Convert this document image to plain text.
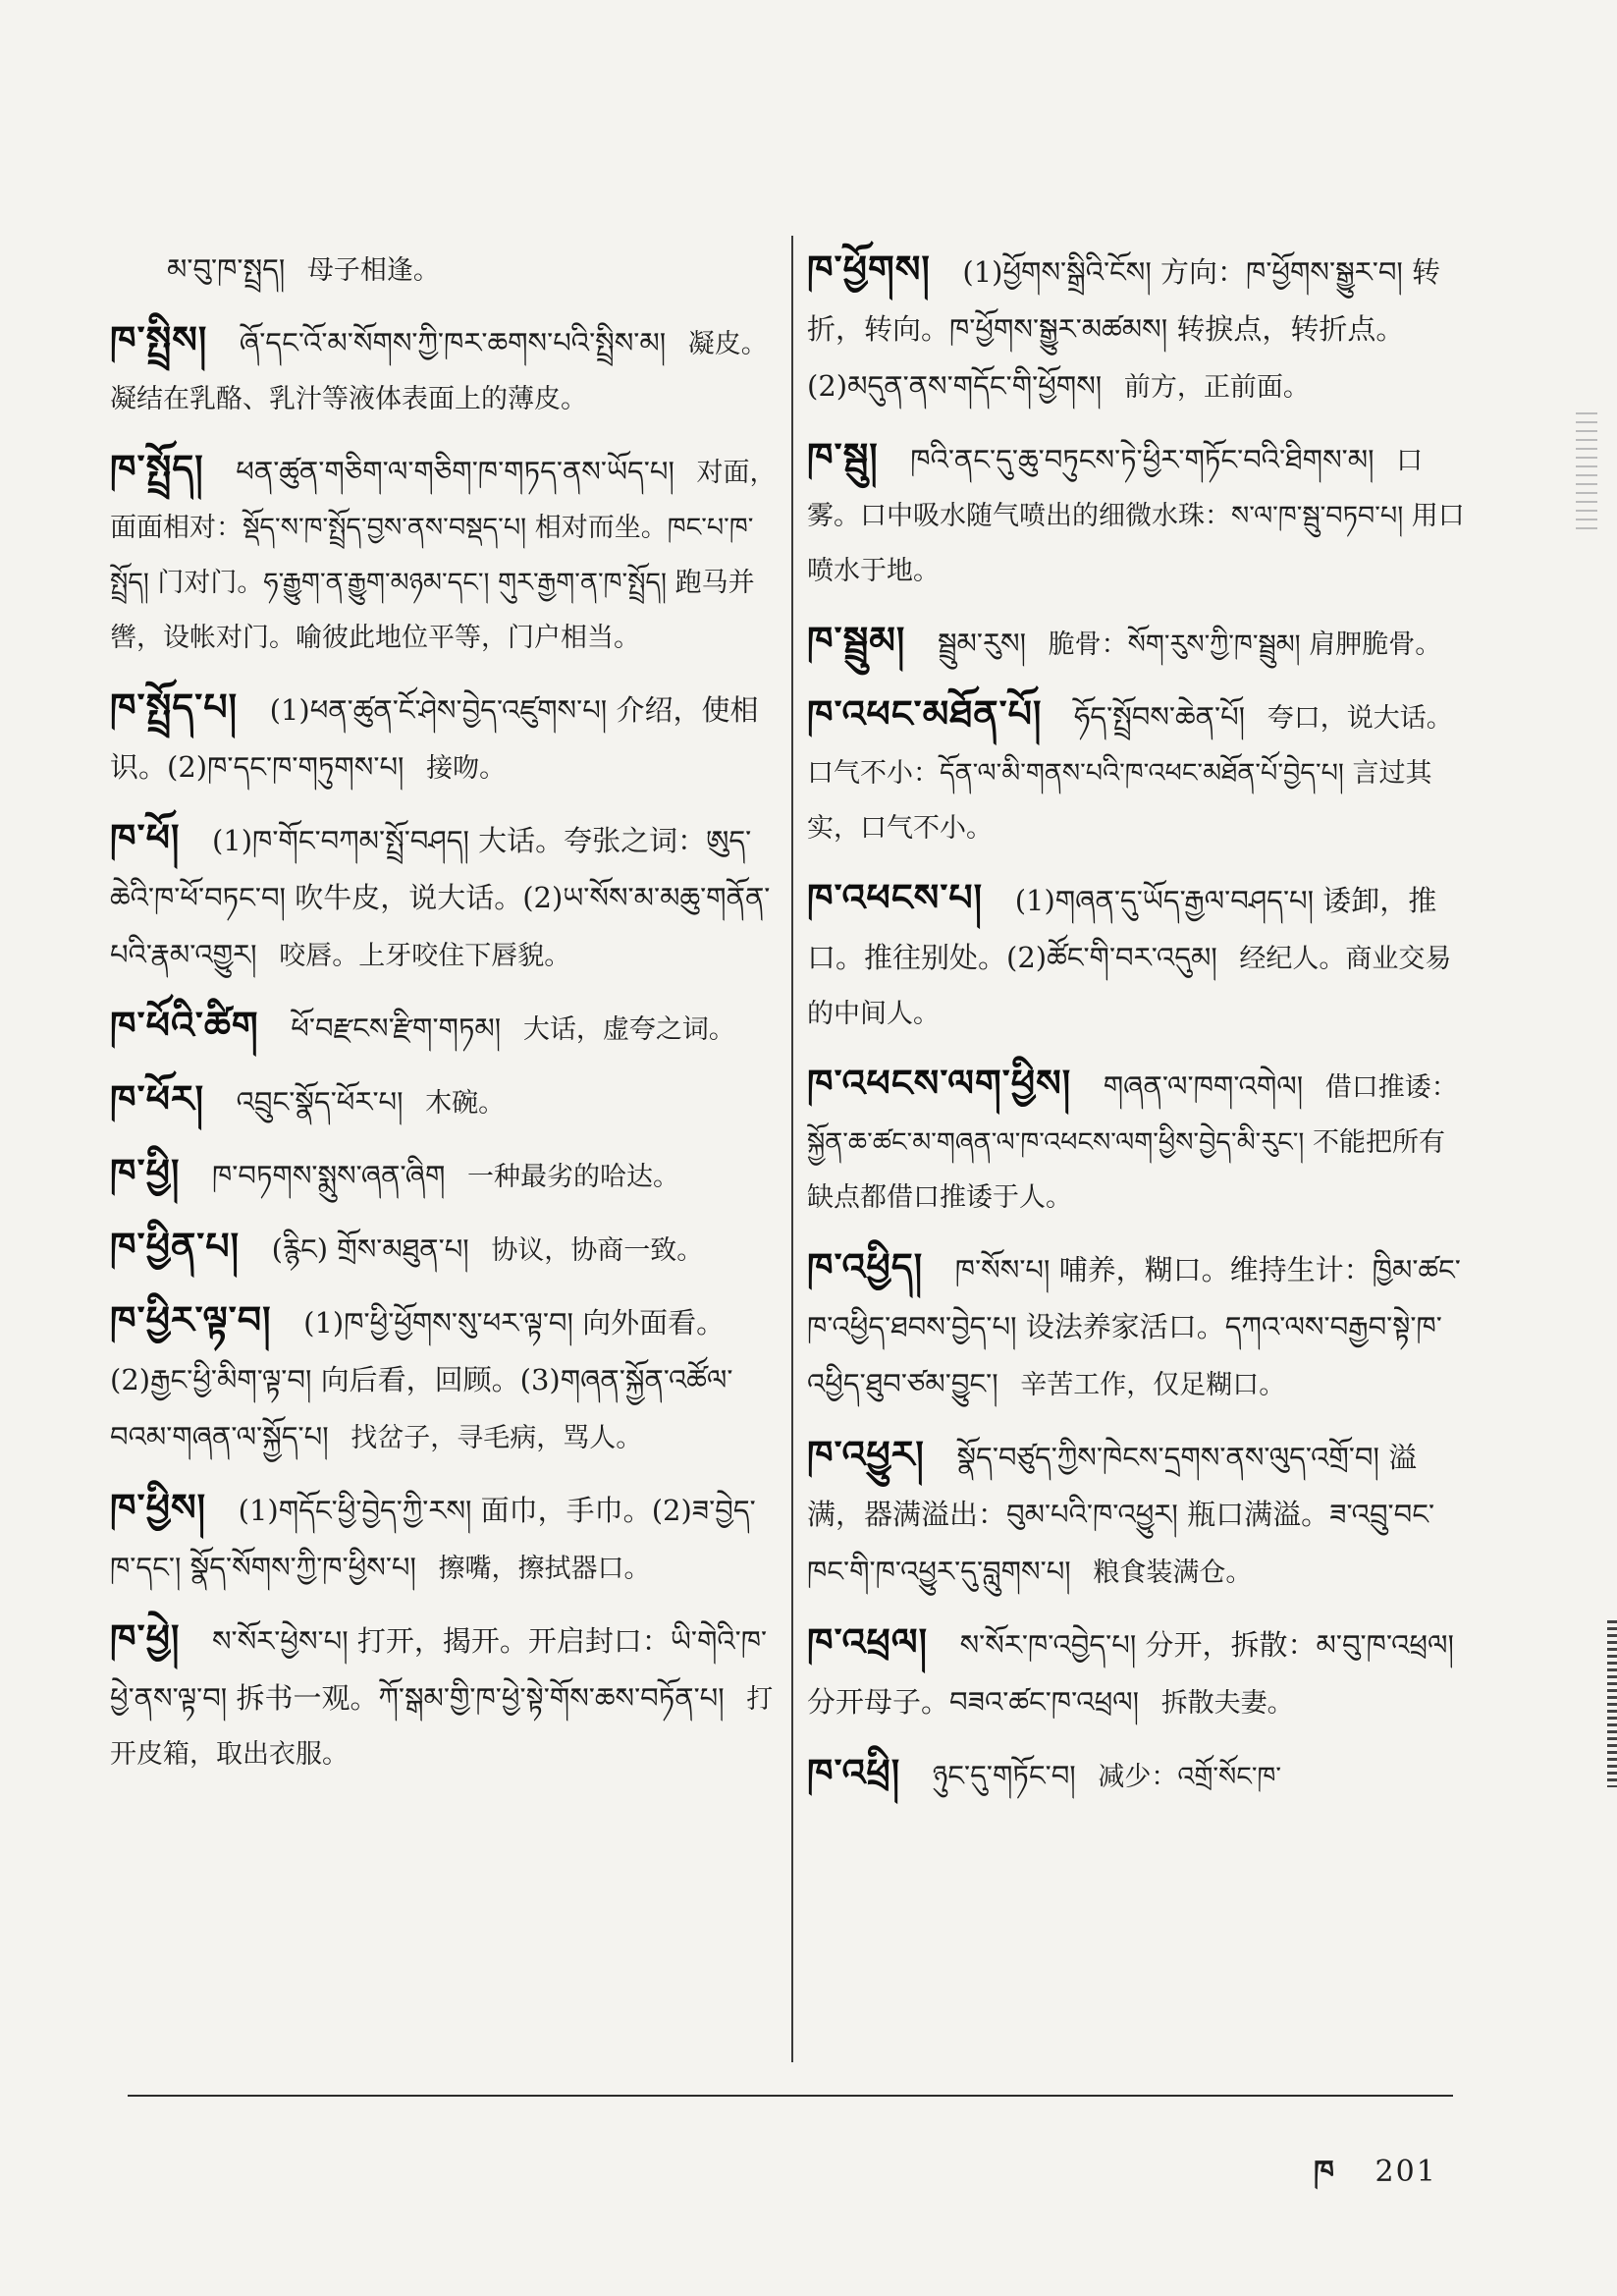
མ་བུ་ཁ་སྤྲད། 母子相逢。
ཁ་སྤྲིས། ཞོ་དང་འོ་མ་སོགས་ཀྱི་ཁར་ཆགས་པའི་སྤྲིས་མ། 凝皮。凝结在乳酪、乳汁等液体表面上的薄皮。
ཁ་སྤྲོད། ཕན་ཚུན་གཅིག་ལ་གཅིག་ཁ་གཏད་ནས་ཡོད་པ། 对面，面面相对：སྡོད་ས་ཁ་སྤྲོད་བྱས་ནས་བསྡད་པ། 相对而坐。ཁང་པ་ཁ་སྤྲོད། 门对门。ཧ་རྒྱུག་ན་རྒྱུག་མཉམ་དང་། གུར་རྒྱག་ན་ཁ་སྤྲོད། 跑马并辔，设帐对门。喻彼此地位平等，门户相当。
ཁ་སྤྲོད་པ། (1)ཕན་ཚུན་ངོ་ཤེས་བྱེད་འཛུགས་པ། 介绍，使相识。(2)ཁ་དང་ཁ་གཏུགས་པ། 接吻。
ཁ་ཕོ། (1)ཁ་གོང་བཀམ་སྤྲོ་བཤད། 大话。夸张之词：ཨུད་ཆེའི་ཁ་ཕོ་བཏང་བ། 吹牛皮，说大话。(2)ཡ་སོས་མ་མཆུ་གནོན་པའི་རྣམ་འགྱུར། 咬唇。上牙咬住下唇貌。
ཁ་ཕོའི་ཚིག ཕོ་བརྫངས་རྫིག་གཏམ། 大话，虚夸之词。
ཁ་ཕོར། འབྲུང་སྣོད་ཕོར་པ། 木碗。
ཁ་ཕྱི། ཁ་བཏགས་སྨུས་ཞན་ཞིག 一种最劣的哈达。
ཁ་ཕྱིན་པ། (རྙིང) གྲོས་མཐུན་པ། 协议，协商一致。
ཁ་ཕྱིར་ལྟ་བ། (1)ཁ་ཕྱི་ཕྱོགས་སུ་ཕར་ལྟ་བ། 向外面看。(2)རྒྱང་ཕྱི་མིག་ལྟ་བ། 向后看，回顾。(3)གཞན་སྐྱོན་འཚོལ་བའམ་གཞན་ལ་སྐྱོད་པ། 找岔子，寻毛病，骂人。
ཁ་ཕྱིས། (1)གདོང་ཕྱི་བྱེད་ཀྱི་རས། 面巾，手巾。(2)ཟ་བྱེད་ཁ་དང་། སྣོད་སོགས་ཀྱི་ཁ་ཕྱིས་པ། 擦嘴，擦拭器口。
ཁ་ཕྱེ། ས་སོར་ཕྱེས་པ། 打开，揭开。开启封口：ཡི་གེའི་ཁ་ཕྱེ་ནས་ལྟ་བ། 拆书一观。ཀོ་སྒམ་གྱི་ཁ་ཕྱེ་སྟེ་གོས་ཆས་བཏོན་པ། 打开皮箱，取出衣服。
ཁ་ཕྱོགས། (1)ཕྱོགས་སྒྲིའི་ངོས། 方向：ཁ་ཕྱོགས་སྒྱུར་བ། 转折，转向。ཁ་ཕྱོགས་སྒྱུར་མཚམས། 转捩点，转折点。(2)མདུན་ནས་གདོང་གི་ཕྱོགས། 前方，正前面。
ཁ་སྦུ། ཁའི་ནང་དུ་ཆུ་བཏུངས་ཏེ་ཕྱིར་གཏོང་བའི་ཐིགས་མ། 口雾。口中吸水随气喷出的细微水珠：ས་ལ་ཁ་སྦུ་བཏབ་པ། 用口喷水于地。
ཁ་སྦྲུམ། སྦྲུམ་རུས། 脆骨：སོག་རུས་ཀྱི་ཁ་སྦྲུམ། 肩胛脆骨。
ཁ་འཕང་མཐོན་པོ། ཧོད་སྤྲོབས་ཆེན་པོ། 夸口，说大话。口气不小：དོན་ལ་མི་གནས་པའི་ཁ་འཕང་མཐོན་པོ་བྱེད་པ། 言过其实，口气不小。
ཁ་འཕངས་པ། (1)གཞན་དུ་ཡོད་རྒྱལ་བཤད་པ། 诿卸，推口。推往别处。(2)ཚོང་གི་བར་འདུམ། 经纪人。商业交易的中间人。
ཁ་འཕངས་ལག་ཕྱིས། གཞན་ལ་ཁག་འགེལ། 借口推诿：སྐྱོན་ཆ་ཚང་མ་གཞན་ལ་ཁ་འཕངས་ལག་ཕྱིས་བྱེད་མི་རུང་། 不能把所有缺点都借口推诿于人。
ཁ་འཕྱིད། ཁ་སོས་པ། 哺养，糊口。维持生计：ཁྱིམ་ཚང་ཁ་འཕྱིད་ཐབས་བྱེད་པ། 设法养家活口。དཀའ་ལས་བརྒྱབ་སྟེ་ཁ་འཕྱིད་ཐུབ་ཙམ་བྱུང་། 辛苦工作，仅足糊口。
ཁ་འཕྱུར། སྣོད་བཙུད་ཀྱིས་ཁེངས་དྲགས་ནས་ལུད་འགྲོ་བ། 溢满，器满溢出：བུམ་པའི་ཁ་འཕྱུར། 瓶口满溢。ཟ་འབྲུ་བང་ཁང་གི་ཁ་འཕྱུར་དུ་བླུགས་པ། 粮食装满仓。
ཁ་འཕྲལ། ས་སོར་ཁ་འབྱེད་པ། 分开，拆散：མ་བུ་ཁ་འཕྲལ། 分开母子。བཟའ་ཚང་ཁ་འཕྲལ། 拆散夫妻。
ཁ་འཕྲི། ཉུང་དུ་གཏོང་བ། 减少：འགྲོ་སོང་ཁ་
ཁ 201
